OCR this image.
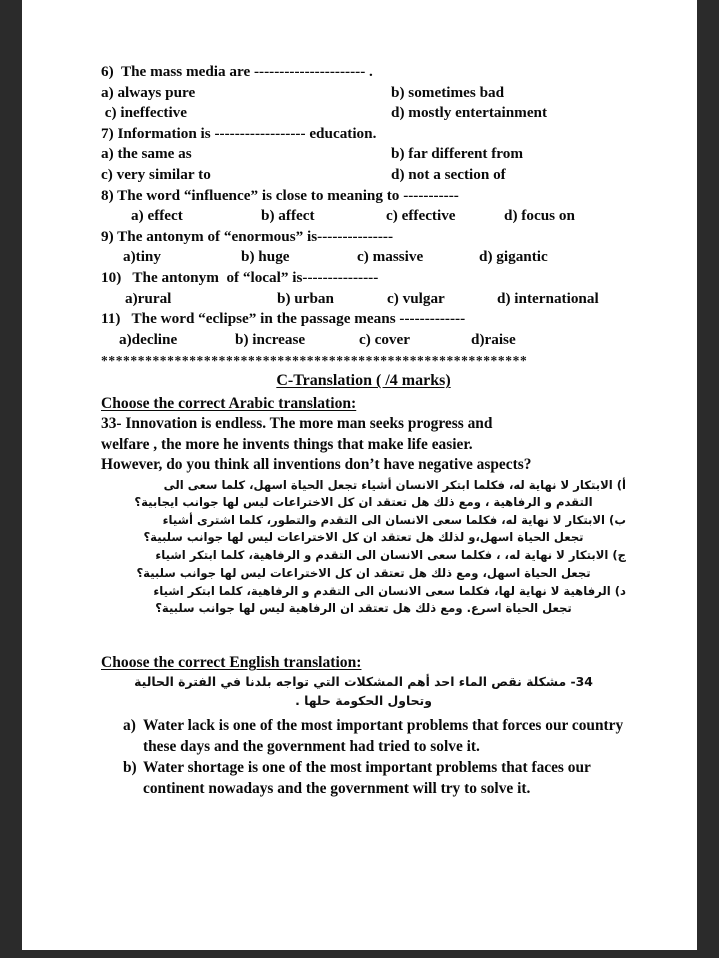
6)  The mass media are ---------------------- .
a) always pure	b) sometimes bad
c) ineffective	d) mostly entertainment
7) Information is ------------------ education.
a) the same as	b) far different from
c) very similar to	d) not a section of
8) The word “influence” is close to meaning to -----------
a) effect	b) affect	c) effective	d) focus on
9) The antonym of “enormous” is---------------
a)tiny	b) huge	c) massive	d) gigantic
10)   The antonym  of “local” is---------------
a)rural	b) urban	c) vulgar	d) international
11)   The word “eclipse” in the passage means -------------
a)decline	b) increase	c) cover	d)raise
**********************************************************
C-Translation ( /4 marks)
Choose the correct Arabic translation:
33- Innovation is endless. The more man seeks progress and
welfare , the more he invents things that make life easier.
However, do you think all inventions don’t have negative aspects?
أ) الابتكار لا نهاية له، فكلما ابتكر الانسان أشياء تجعل الحياة اسهل، كلما سعى الى
التقدم و الرفاهية ، ومع ذلك هل تعتقد ان كل الاختراعات ليس لها جوانب ايجابية؟
ب) الابتكار لا نهاية له، فكلما سعى الانسان الى التقدم والتطور، كلما اشترى أشياء
تجعل الحياة اسهل،و لذلك هل تعتقد ان كل الاختراعات ليس لها جوانب سلبية؟
ج) الابتكار لا نهاية له، ، فكلما سعى الانسان الى التقدم و الرفاهية، كلما ابتكر اشياء
تجعل الحياة اسهل، ومع ذلك هل تعتقد ان كل الاختراعات ليس لها جوانب سلبية؟
د) الرفاهية لا نهاية لها، فكلما سعى الانسان الى التقدم و الرفاهية، كلما ابتكر اشياء
تجعل الحياة اسرع. ومع ذلك هل تعتقد ان الرفاهية ليس لها جوانب سلبية؟
Choose the correct English translation:
34- مشكلة نقص الماء احد أهم المشكلات التي تواجه بلدنا في الفترة الحالية
وتحاول الحكومة حلها .
a) Water lack is one of the most important problems that forces our country these days and the government had tried to solve it.
b) Water shortage is one of the most important problems that faces our continent nowadays and the government will try to solve it.
